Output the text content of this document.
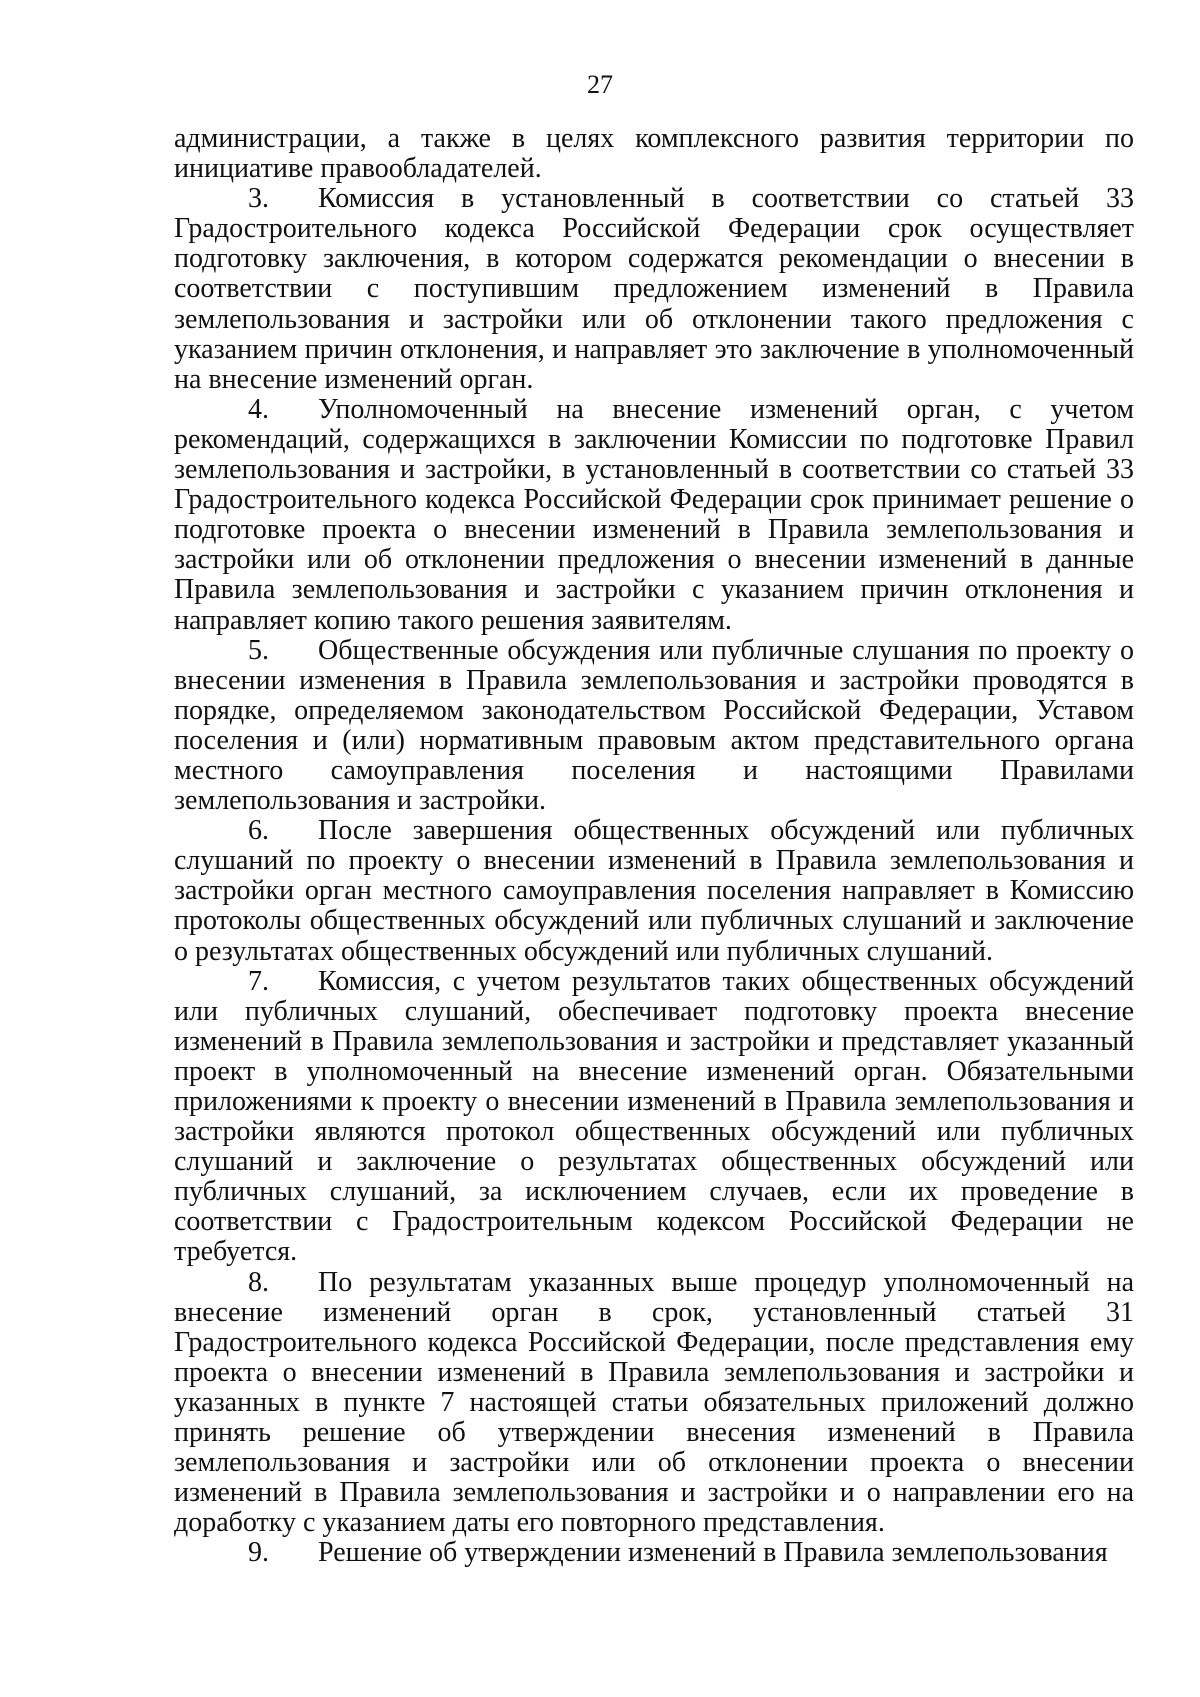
27

администрации, а также в целях комплексного развития территории по инициативе правообладателей.

3. Комиссия в установленный в соответствии со статьей 33 Градостроительного кодекса Российской Федерации срок осуществляет подготовку заключения, в котором содержатся рекомендации о внесении в соответствии с поступившим предложением изменений в Правила землепользования и застройки или об отклонении такого предложения с указанием причин отклонения, и направляет это заключение в уполномоченный на внесение изменений орган.

4. Уполномоченный на внесение изменений орган, с учетом рекомендаций, содержащихся в заключении Комиссии по подготовке Правил землепользования и застройки, в установленный в соответствии со статьей 33 Градостроительного кодекса Российской Федерации срок принимает решение о подготовке проекта о внесении изменений в Правила землепользования и застройки или об отклонении предложения о внесении изменений в данные Правила землепользования и застройки с указанием причин отклонения и направляет копию такого решения заявителям.

5. Общественные обсуждения или публичные слушания по проекту о внесении изменения в Правила землепользования и застройки проводятся в порядке, определяемом законодательством Российской Федерации, Уставом поселения и (или) нормативным правовым актом представительного органа местного самоуправления поселения и настоящими Правилами землепользования и застройки.

6. После завершения общественных обсуждений или публичных слушаний по проекту о внесении изменений в Правила землепользования и застройки орган местного самоуправления поселения направляет в Комиссию протоколы общественных обсуждений или публичных слушаний и заключение о результатах общественных обсуждений или публичных слушаний.

7. Комиссия, с учетом результатов таких общественных обсуждений или публичных слушаний, обеспечивает подготовку проекта внесение изменений в Правила землепользования и застройки и представляет указанный проект в уполномоченный на внесение изменений орган. Обязательными приложениями к проекту о внесении изменений в Правила землепользования и застройки являются протокол общественных обсуждений или публичных слушаний и заключение о результатах общественных обсуждений или публичных слушаний, за исключением случаев, если их проведение в соответствии с Градостроительным кодексом Российской Федерации не требуется.

8. По результатам указанных выше процедур уполномоченный на внесение изменений орган в срок, установленный статьей 31 Градостроительного кодекса Российской Федерации, после представления ему проекта о внесении изменений в Правила землепользования и застройки и указанных в пункте 7 настоящей статьи обязательных приложений должно принять решение об утверждении внесения изменений в Правила землепользования и застройки или об отклонении проекта о внесении изменений в Правила землепользования и застройки и о направлении его на доработку с указанием даты его повторного представления.

9. Решение об утверждении изменений в Правила землепользования
